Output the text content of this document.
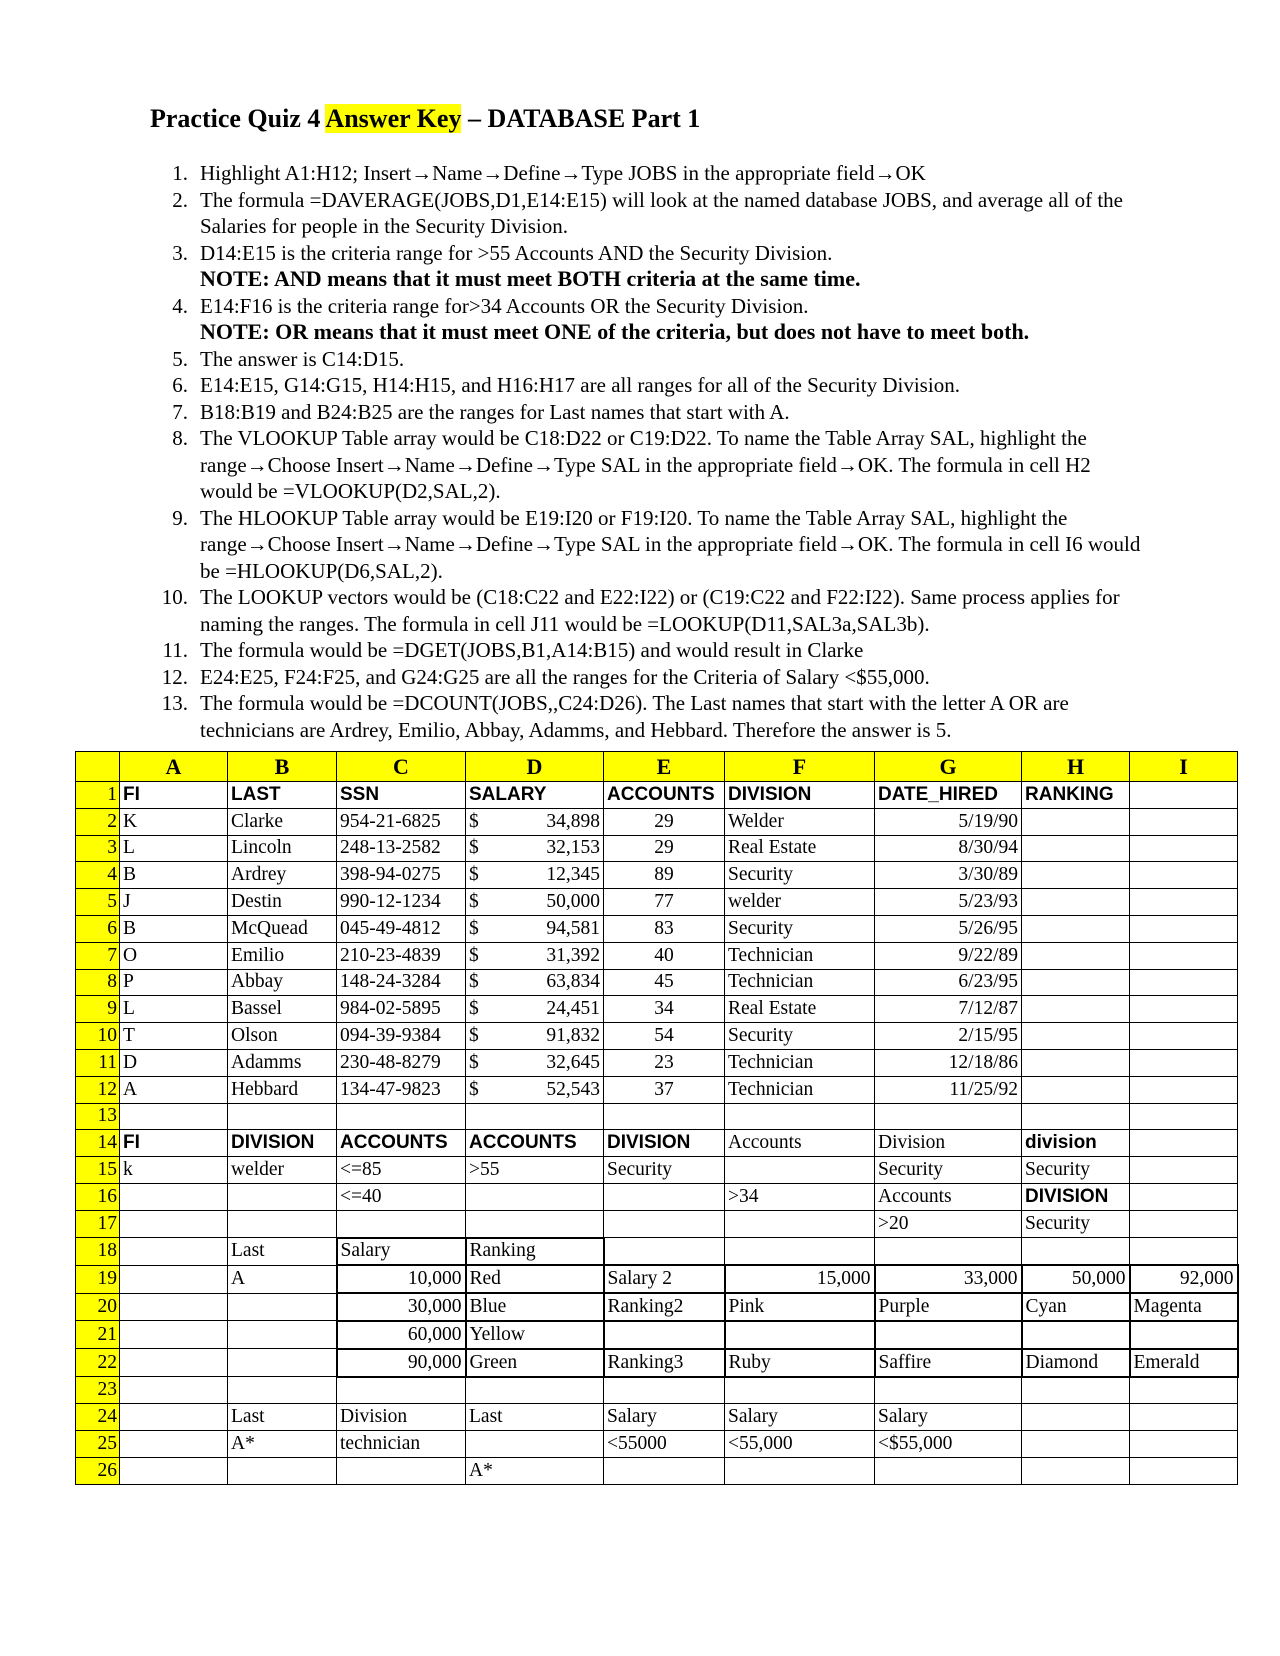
Practice Quiz 4 Answer Key – DATABASE Part 1
1. Highlight A1:H12; Insert→Name→Define→Type JOBS in the appropriate field→OK
2. The formula =DAVERAGE(JOBS,D1,E14:E15) will look at the named database JOBS, and average all of the Salaries for people in the Security Division.
3. D14:E15 is the criteria range for >55 Accounts AND the Security Division.
NOTE: AND means that it must meet BOTH criteria at the same time.
4. E14:F16 is the criteria range for>34 Accounts OR the Security Division.
NOTE: OR means that it must meet ONE of the criteria, but does not have to meet both.
5. The answer is C14:D15.
6. E14:E15, G14:G15, H14:H15, and H16:H17 are all ranges for all of the Security Division.
7. B18:B19 and B24:B25 are the ranges for Last names that start with A.
8. The VLOOKUP Table array would be C18:D22 or C19:D22. To name the Table Array SAL, highlight the range→Choose Insert→Name→Define→Type SAL in the appropriate field→OK. The formula in cell H2 would be =VLOOKUP(D2,SAL,2).
9. The HLOOKUP Table array would be E19:I20 or F19:I20. To name the Table Array SAL, highlight the range→Choose Insert→Name→Define→Type SAL in the appropriate field→OK. The formula in cell I6 would be =HLOOKUP(D6,SAL,2).
10. The LOOKUP vectors would be (C18:C22 and E22:I22) or (C19:C22 and F22:I22). Same process applies for naming the ranges. The formula in cell J11 would be =LOOKUP(D11,SAL3a,SAL3b).
11. The formula would be =DGET(JOBS,B1,A14:B15) and would result in Clarke
12. E24:E25, F24:F25, and G24:G25 are all the ranges for the Criteria of Salary <$55,000.
13. The formula would be =DCOUNT(JOBS,,C24:D26). The Last names that start with the letter A OR are technicians are Ardrey, Emilio, Abbay, Adamms, and Hebbard. Therefore the answer is 5.
	A	B	C	D	E	F	G	H	I
1	FI	LAST	SSN	SALARY	ACCOUNTS	DIVISION	DATE_HIRED	RANKING	
2	K	Clarke	954-21-6825	$ 34,898	29	Welder	5/19/90		
3	L	Lincoln	248-13-2582	$ 32,153	29	Real Estate	8/30/94		
4	B	Ardrey	398-94-0275	$ 12,345	89	Security	3/30/89		
5	J	Destin	990-12-1234	$ 50,000	77	welder	5/23/93		
6	B	McQuead	045-49-4812	$ 94,581	83	Security	5/26/95		
7	O	Emilio	210-23-4839	$ 31,392	40	Technician	9/22/89		
8	P	Abbay	148-24-3284	$ 63,834	45	Technician	6/23/95		
9	L	Bassel	984-02-5895	$ 24,451	34	Real Estate	7/12/87		
10	T	Olson	094-39-9384	$ 91,832	54	Security	2/15/95		
11	D	Adamms	230-48-8279	$ 32,645	23	Technician	12/18/86		
12	A	Hebbard	134-47-9823	$ 52,543	37	Technician	11/25/92		
13									
14	FI	DIVISION	ACCOUNTS	ACCOUNTS	DIVISION	Accounts	Division	division	
15	k	welder	<=85	>55	Security		Security	Security	
16			<=40			>34	Accounts	DIVISION	
17							>20	Security	
18		Last	Salary	Ranking					
19		A	10,000	Red	Salary 2	15,000	33,000	50,000	92,000
20			30,000	Blue	Ranking2	Pink	Purple	Cyan	Magenta
21			60,000	Yellow					
22			90,000	Green	Ranking3	Ruby	Saffire	Diamond	Emerald
23									
24		Last	Division	Last	Salary	Salary	Salary		
25		A*	technician		<55000	<55,000	<$55,000		
26				A*					
